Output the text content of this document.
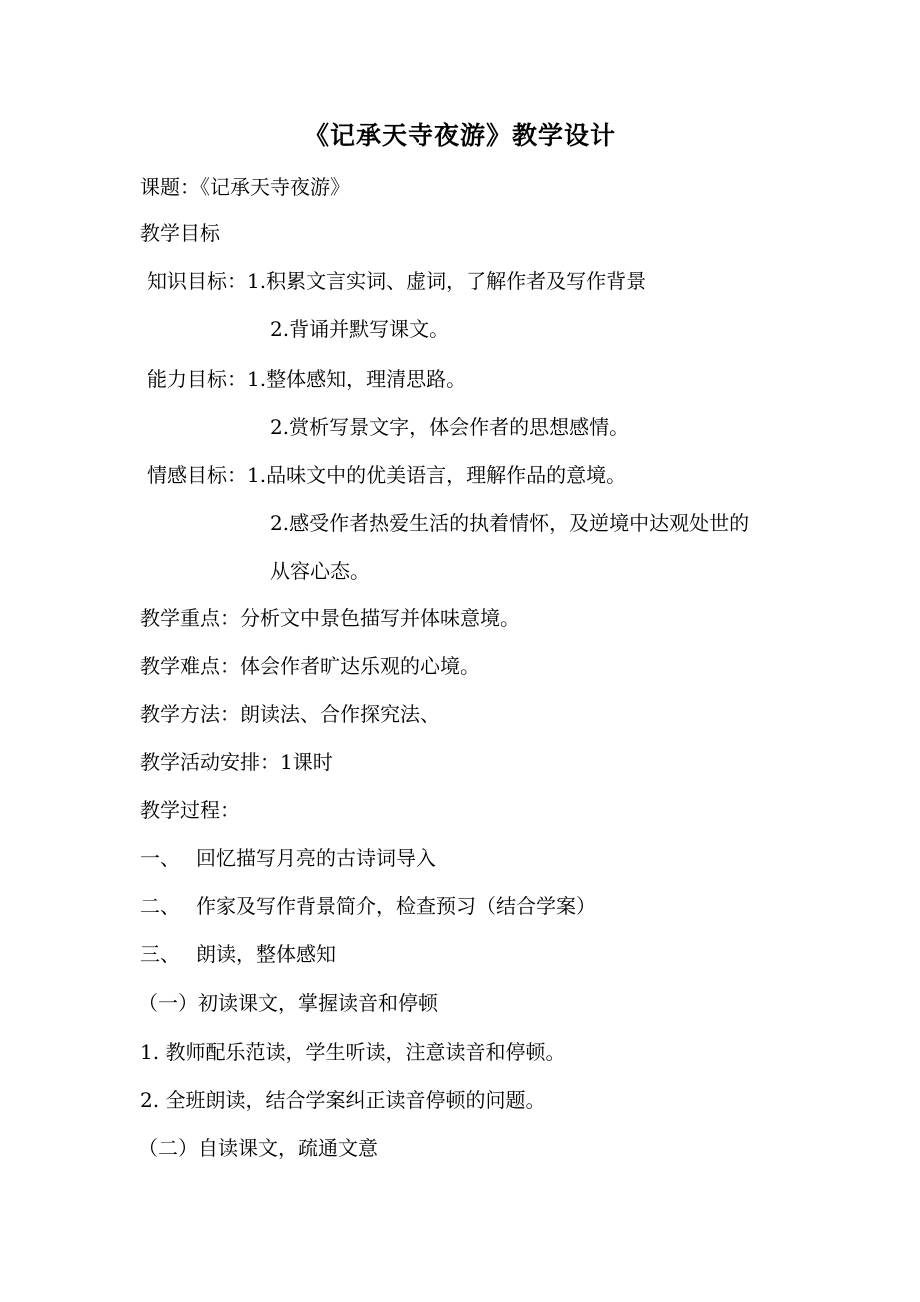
《记承天寺夜游》教学设计

课题：《记承天寺夜游》

教学目标

知识目标：1.积累文言实词、虚词，了解作者及写作背景

2.背诵并默写课文。

能力目标：1.整体感知，理清思路。

2.赏析写景文字，体会作者的思想感情。

情感目标：1.品味文中的优美语言，理解作品的意境。

2.感受作者热爱生活的执着情怀，及逆境中达观处世的

从容心态。

教学重点：分析文中景色描写并体味意境。

教学难点：体会作者旷达乐观的心境。

教学方法：朗读法、合作探究法、

教学活动安排：1课时

教学过程：

一、 回忆描写月亮的古诗词导入

二、 作家及写作背景简介，检查预习（结合学案）

三、 朗读，整体感知

（一）初读课文，掌握读音和停顿

1. 教师配乐范读，学生听读，注意读音和停顿。

2. 全班朗读，结合学案纠正读音停顿的问题。

（二）自读课文，疏通文意
